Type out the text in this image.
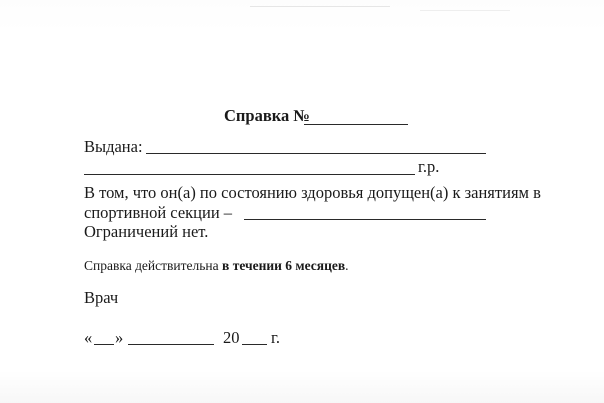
Справка №
Выдана:
г.р.
В том, что он(а) по состоянию здоровья допущен(а) к занятиям в
спортивной секции –
Ограничений нет.
Справка действительна в течении 6 месяцев.
Врач
« »	20 г.
